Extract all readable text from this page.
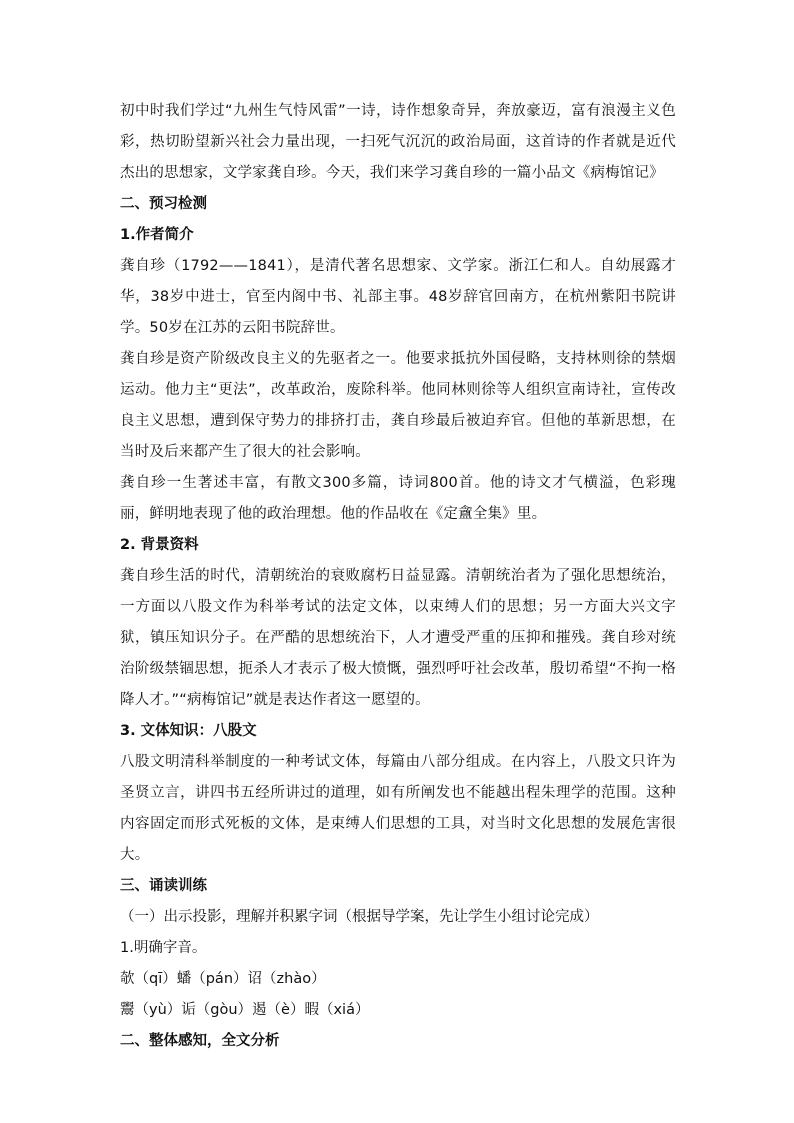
初中时我们学过“九州生气恃风雷”一诗，诗作想象奇异，奔放豪迈，富有浪漫主义色彩，热切盼望新兴社会力量出现，一扫死气沉沉的政治局面，这首诗的作者就是近代杰出的思想家，文学家龚自珍。今天，我们来学习龚自珍的一篇小品文《病梅馆记》

二、预习检测

1.作者简介

龚自珍（1792——1841），是清代著名思想家、文学家。浙江仁和人。自幼展露才华，38岁中进士，官至内阁中书、礼部主事。48岁辞官回南方，在杭州紫阳书院讲学。50岁在江苏的云阳书院辞世。

龚自珍是资产阶级改良主义的先驱者之一。他要求抵抗外国侵略，支持林则徐的禁烟运动。他力主“更法”，改革政治，废除科举。他同林则徐等人组织宣南诗社，宣传改良主义思想，遭到保守势力的排挤打击，龚自珍最后被迫弃官。但他的革新思想，在当时及后来都产生了很大的社会影响。

龚自珍一生著述丰富，有散文300多篇，诗词800首。他的诗文才气横溢，色彩瑰丽，鲜明地表现了他的政治理想。他的作品收在《定盦全集》里。

2. 背景资料

龚自珍生活的时代，清朝统治的衰败腐朽日益显露。清朝统治者为了强化思想统治，一方面以八股文作为科举考试的法定文体，以束缚人们的思想；另一方面大兴文字狱，镇压知识分子。在严酷的思想统治下，人才遭受严重的压抑和摧残。龚自珍对统治阶级禁锢思想，扼杀人才表示了极大愤慨，强烈呼吁社会改革，殷切希望“不拘一格降人才。”“病梅馆记”就是表达作者这一愿望的。

3. 文体知识：八股文

八股文明清科举制度的一种考试文体，每篇由八部分组成。在内容上，八股文只许为圣贤立言，讲四书五经所讲过的道理，如有所阐发也不能越出程朱理学的范围。这种内容固定而形式死板的文体，是束缚人们思想的工具，对当时文化思想的发展危害很大。

三、诵读训练

（一）出示投影，理解并积累字词（根据导学案，先让学生小组讨论完成）

1.明确字音。

欹（qī）蟠（pán）诏（zhào）

鬻（yù）诟（gòu）遏（è）暇（xiá）

二、整体感知，全文分析
